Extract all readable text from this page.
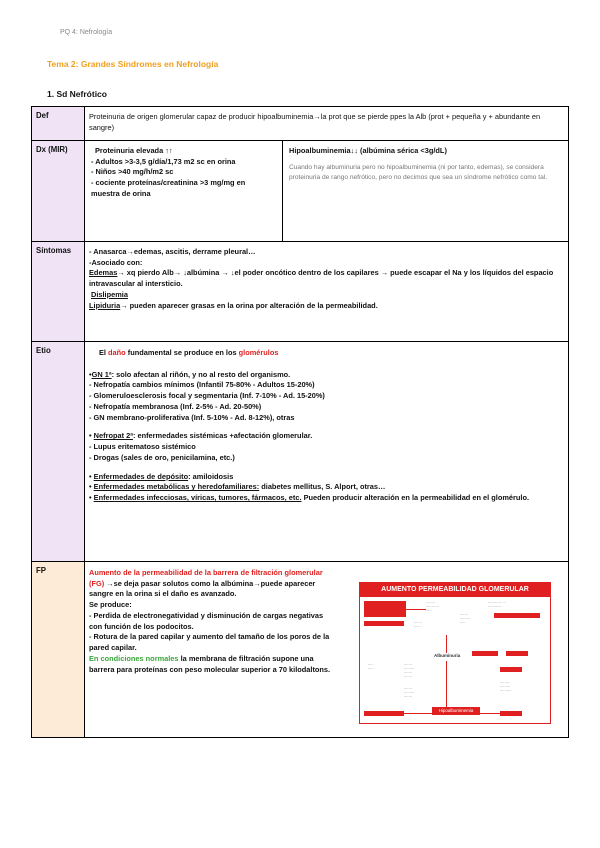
PQ 4: Nefrología
Tema 2: Grandes Síndromes en Nefrología
1. Sd Nefrótico
Def	Proteinuria de origen glomerular capaz de producir hipoalbuminemia→la prot que se pierde ppes la Alb (prot + pequeña y + abundante en sangre)
Dx (MIR)		Proteinuria elevada ↑↑
- Adultos >3-3,5 g/día/1,73 m2 sc en orina
- Niños >40 mg/h/m2 sc
- cociente proteínas/creatinina >3 mg/mg en muestra de orina

Hipoalbuminemia↓↓ (albúmina sérica <3g/dL)
Cuando hay albuminuria pero no hipoalbuminemia (ni por tanto, edemas), se considera
proteinuria de rango nefrótico, pero no decimos que sea un síndrome nefrótico como tal.

Síntomas	- Anasarca→edemas, ascitis, derrame pleural…
-Asociado con:
Edemas→ xq pierdo Alb→ ↓albúmina → ↓el poder oncótico dentro de los capilares → puede escapar el Na y los líquidos del espacio intravascular al intersticio.
Dislipemia
Lipiduria→ pueden aparecer grasas en la orina por alteración de la permeabilidad.

Etio	El daño fundamental se produce en los glomérulos
•GN 1ª: solo afectan al riñón, y no al resto del organismo.
- Nefropatía cambios mínimos (Infantil 75-80% - Adultos 15-20%)
- Glomeruloesclerosis focal y segmentaria (Inf. 7-10% - Ad. 15-20%)
- Nefropatía membranosa (Inf. 2-5% - Ad. 20-50%)
- GN membrano-proliferativa (Inf. 5-10% - Ad. 8-12%), otras
• Nefropat 2ª: enfermedades sistémicas +afectación glomerular.
- Lupus eritematoso sistémico
- Drogas (sales de oro, penicilamina, etc.)
• Enfermedades de depósito: amiloidosis
• Enfermedades metabólicas y heredofamiliares: diabetes mellitus, S. Alport, otras…
• Enfermedades infecciosas, víricas, tumores, fármacos, etc. Pueden producir alteración en la permeabilidad en el glomérulo.

FP	Aumento de la permeabilidad de la barrera de filtración glomerular (FG) →se deja pasar solutos como la albúmina→puede aparecer sangre en la orina si el daño es avanzado.
Se produce:
- Perdida de electronegatividad y disminución de cargas negativas con función de los podocitos.
- Rotura de la pared capilar y aumento del tamaño de los poros de la pared capilar.
En condiciones normales la membrana de filtración supone una barrera para proteínas con peso molecular superior a 70 kilodaltons.
AUMENTO PERMEABILIDAD GLOMERULAR
·· ·····
········ ···
·····
········ ···· ··
············
·······
······
·······
·········
·····
Albuminuria
·····
·····
·······
·········
·······
·······
·······
·········
·······
········
·········
··········
Hipoalbuminemia
